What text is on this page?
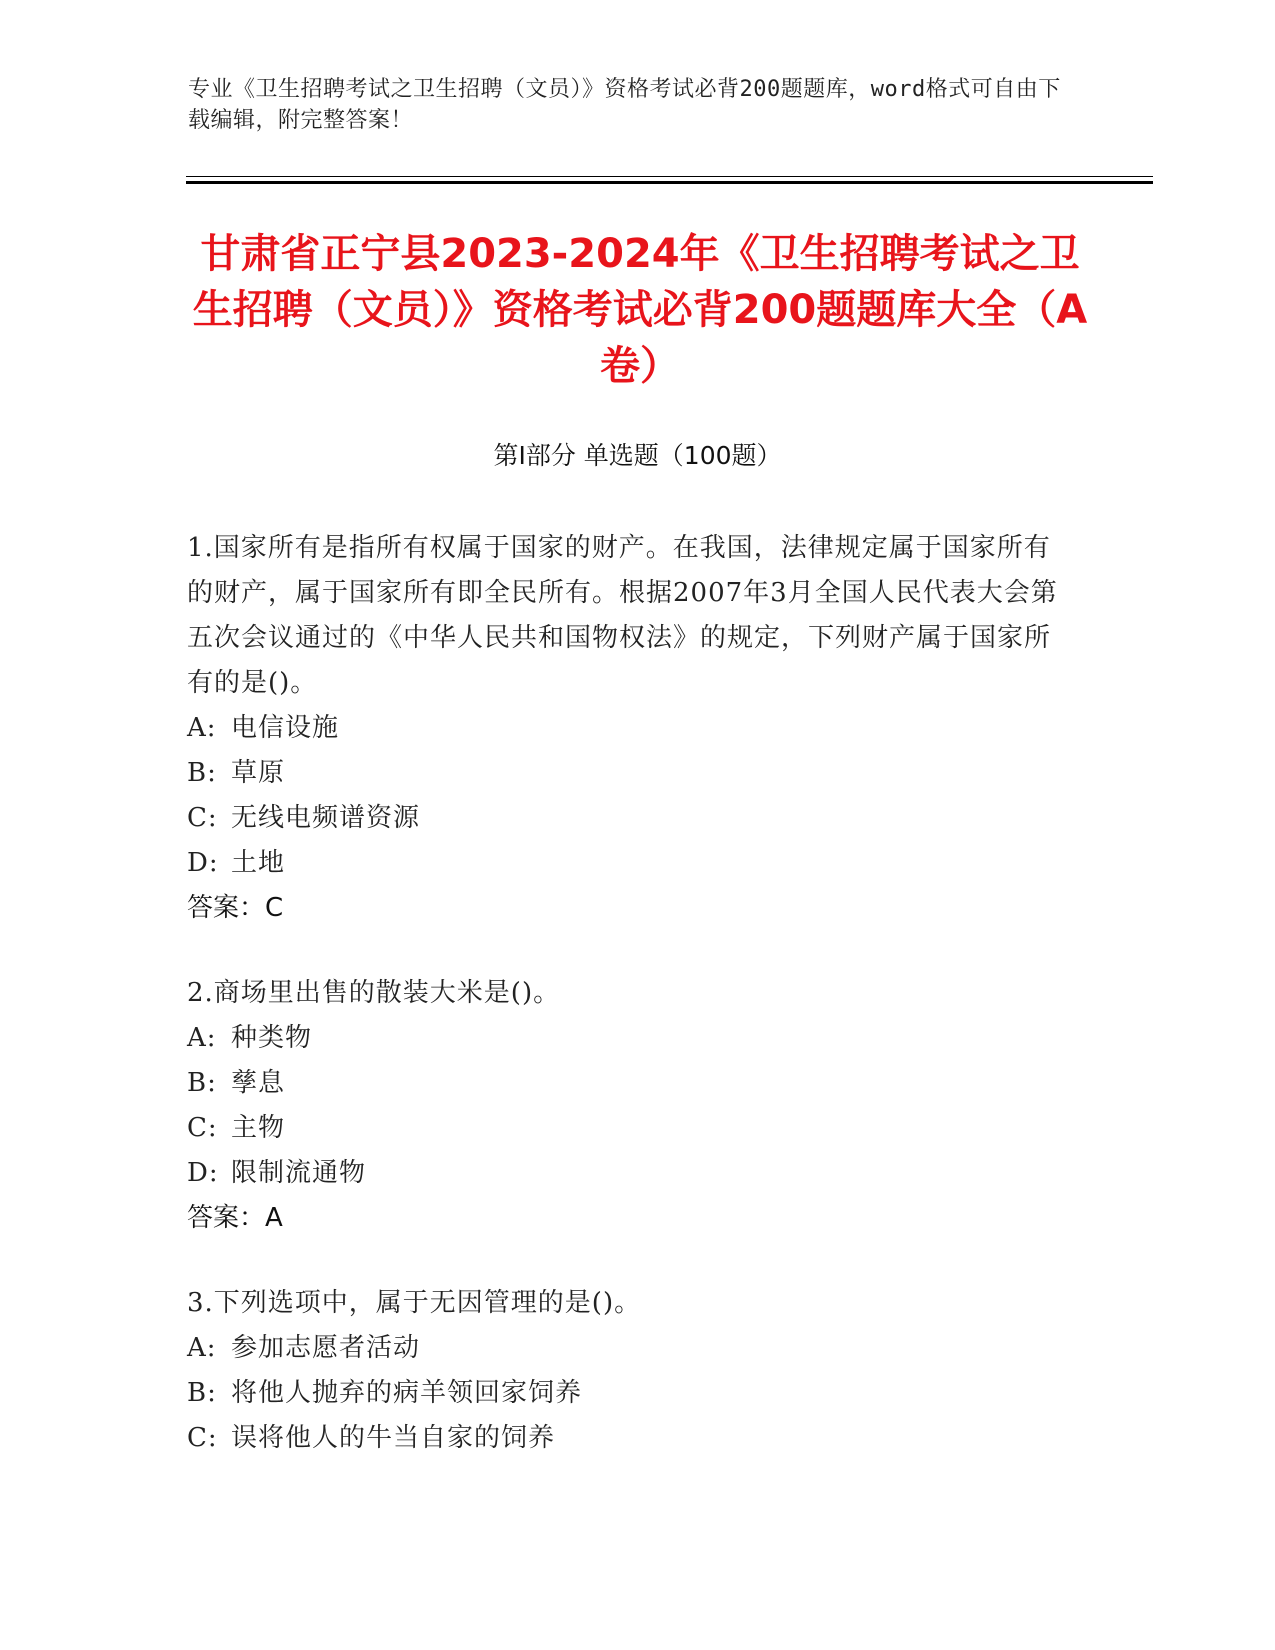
专业《卫生招聘考试之卫生招聘（文员）》资格考试必背200题题库，word格式可自由下载编辑，附完整答案！
甘肃省正宁县2023-2024年《卫生招聘考试之卫生招聘（文员）》资格考试必背200题题库大全（A卷）
第Ⅰ部分 单选题（100题）
1.国家所有是指所有权属于国家的财产。在我国，法律规定属于国家所有的财产，属于国家所有即全民所有。根据2007年3月全国人民代表大会第五次会议通过的《中华人民共和国物权法》的规定，下列财产属于国家所有的是()。
A: 电信设施
B: 草原
C: 无线电频谱资源
D: 土地
答案：C
2.商场里出售的散装大米是()。
A: 种类物
B: 孳息
C: 主物
D: 限制流通物
答案：A
3.下列选项中，属于无因管理的是()。
A: 参加志愿者活动
B: 将他人抛弃的病羊领回家饲养
C: 误将他人的牛当自家的饲养
